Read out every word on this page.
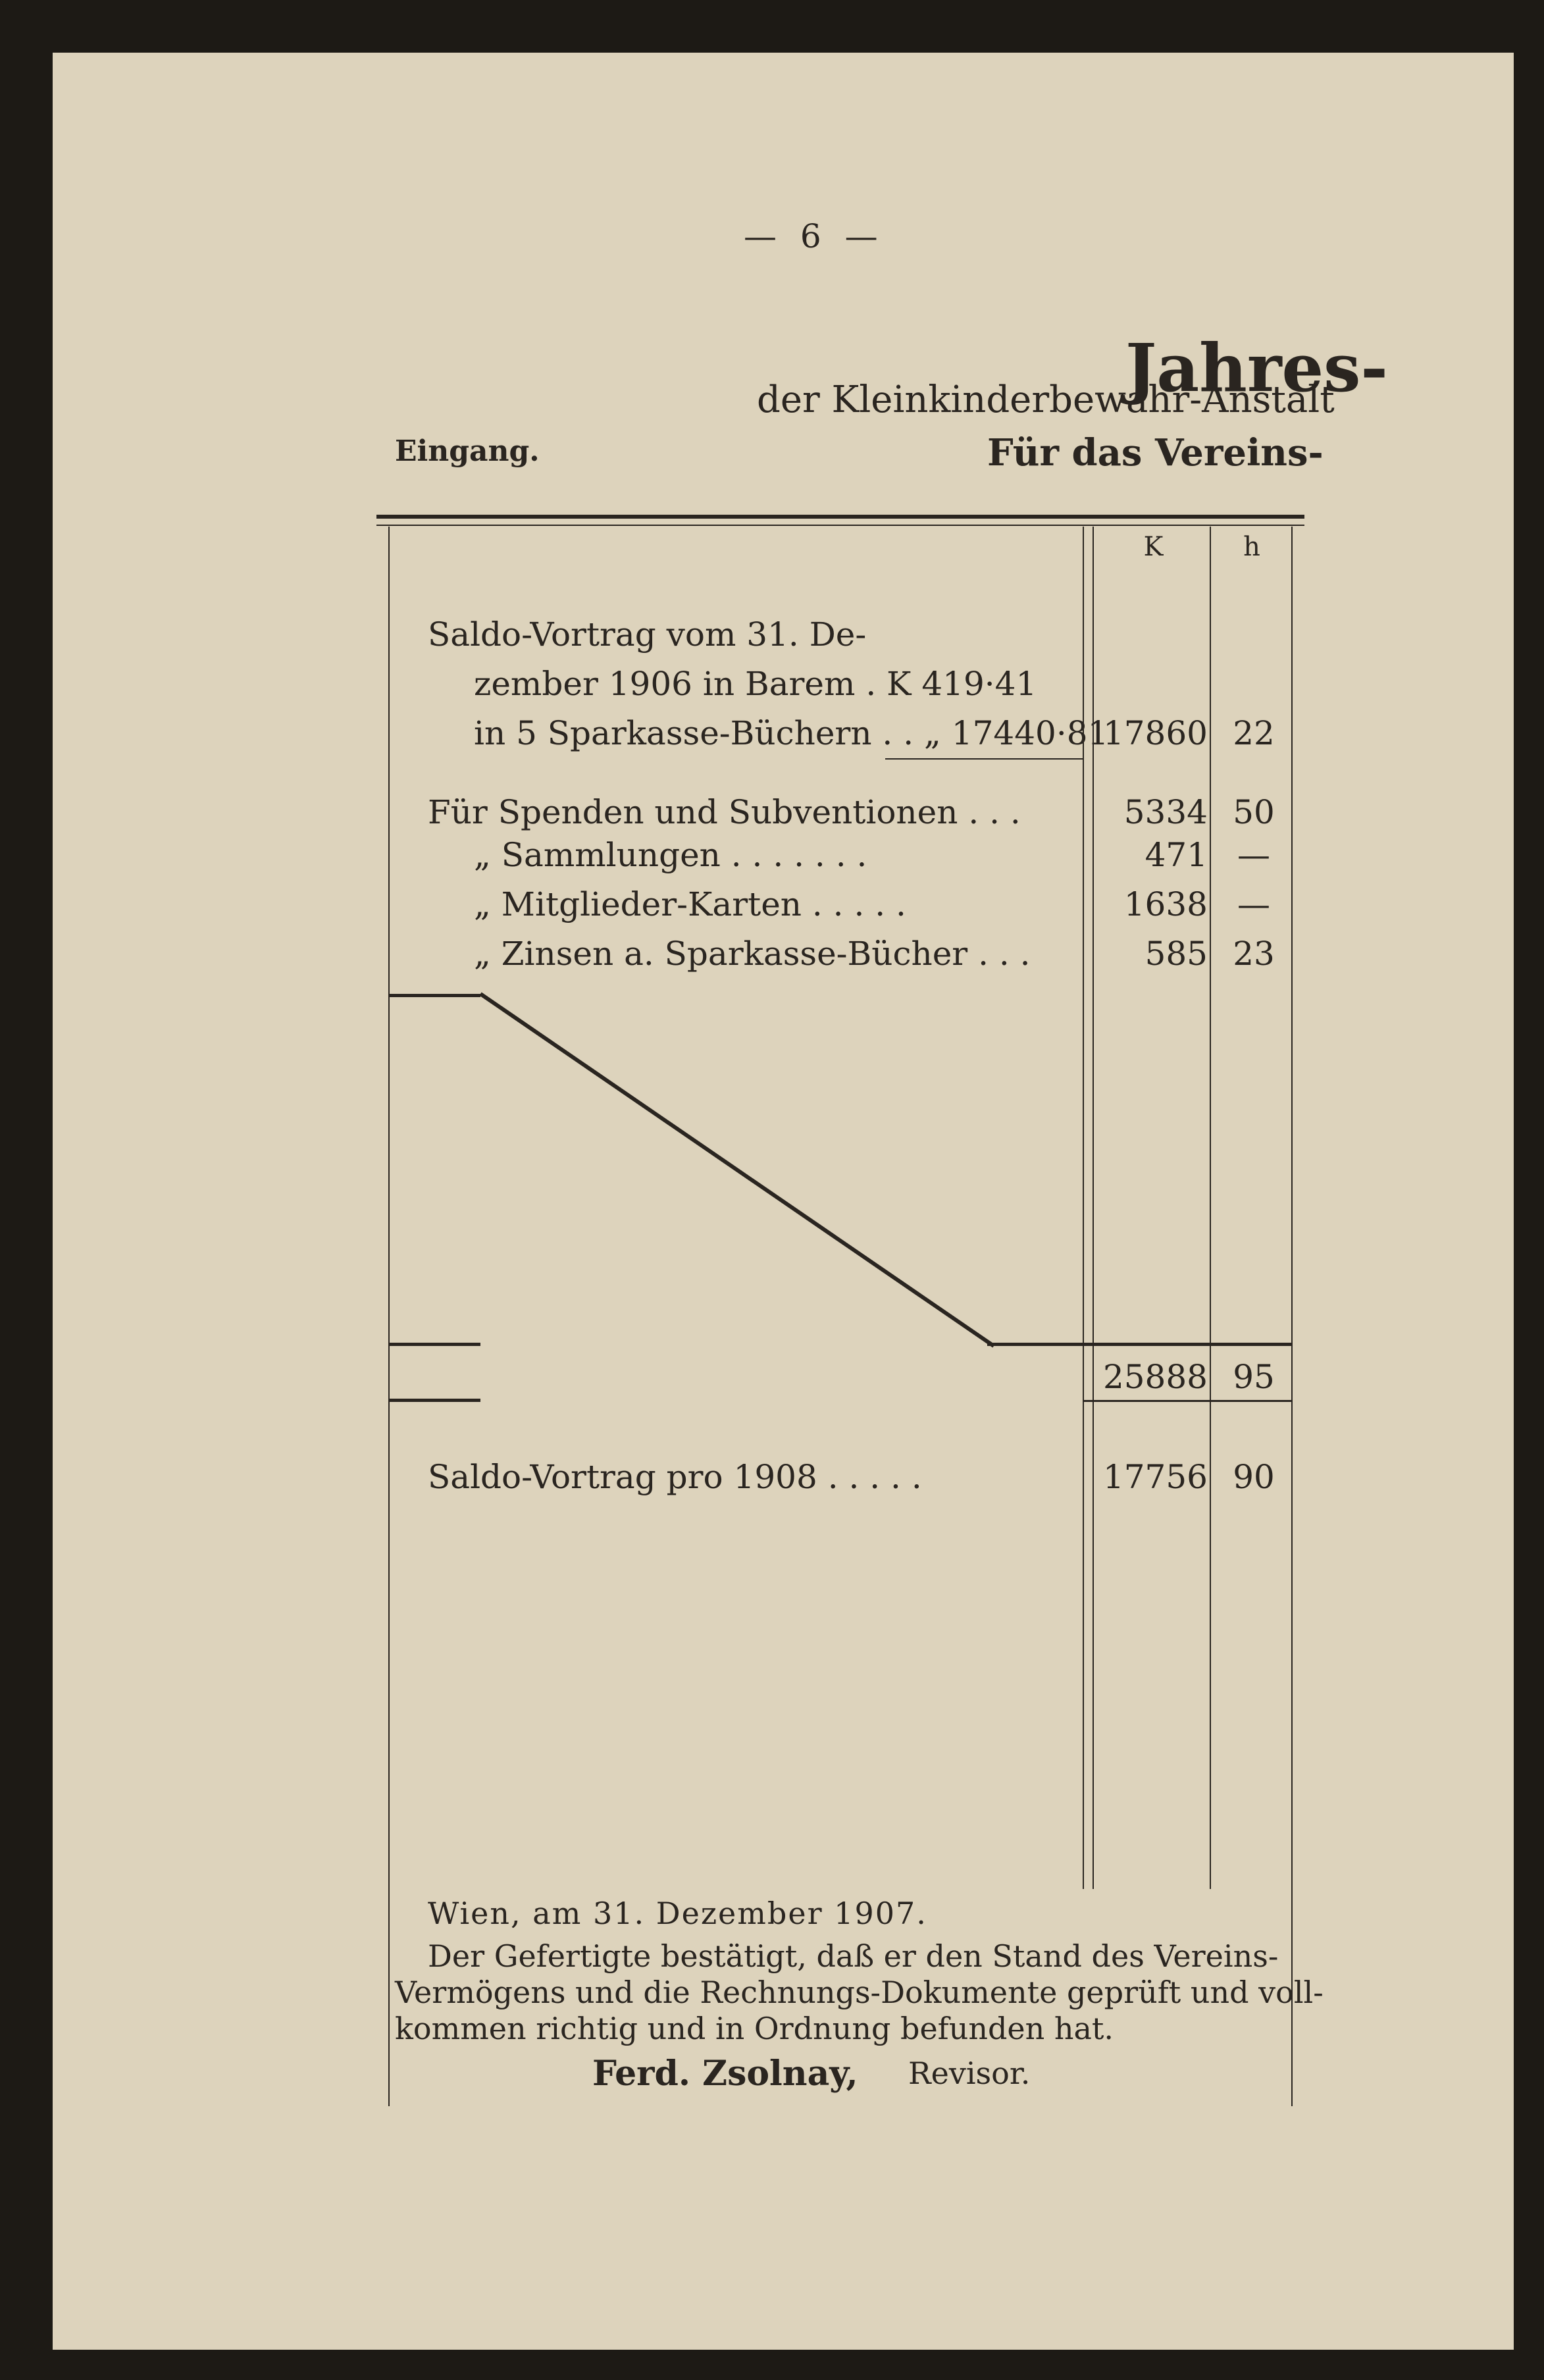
— 6 —
Jahres-
der Kleinkinderbewahr-Anstalt
Eingang.	Für das Vereins-
K	h
Saldo-Vortrag vom 31. De-
zember 1906 in Barem . K 419·41
in 5 Sparkasse-Büchern . . „ 17440·81
17860 22
Für Spenden und Subventionen . . .	5334 50
„ Sammlungen . . . . . . .	471 —
„ Mitglieder-Karten . . . . .	1638 —
„ Zinsen a. Sparkasse-Bücher . . .	585 23
25888 95
Saldo-Vortrag pro 1908 . . . . .	17756 90
Wien, am 31. Dezember 1907.
Der Gefertigte bestätigt, daß er den Stand des Vereins-
Vermögens und die Rechnungs-Dokumente geprüft und voll-
kommen richtig und in Ordnung befunden hat.
Ferd. Zsolnay, Revisor.
